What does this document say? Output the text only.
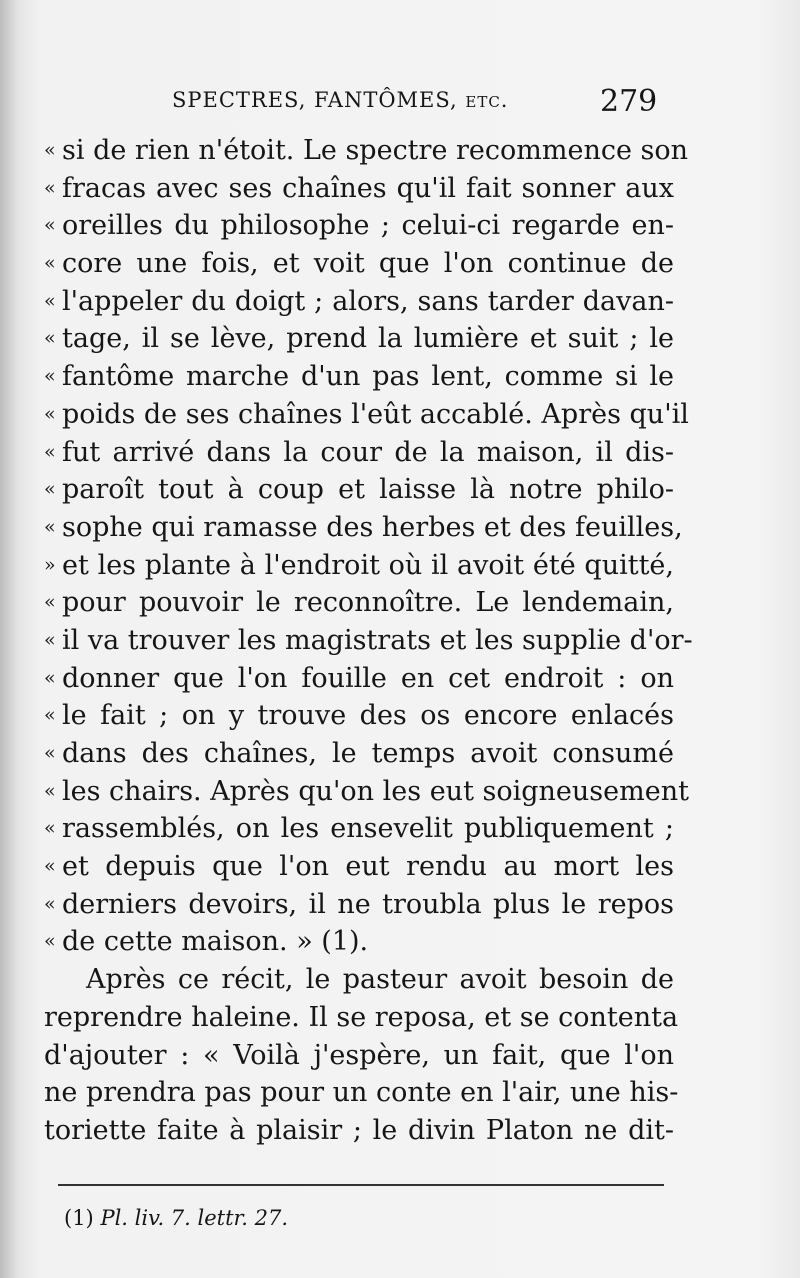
SPECTRES, FANTÔMES, etc.	279
« si de rien n'étoit. Le spectre recommence son
« fracas avec ses chaînes qu'il fait sonner aux
« oreilles du philosophe ; celui-ci regarde en-
« core une fois, et voit que l'on continue de
« l'appeler du doigt ; alors, sans tarder davan-
« tage, il se lève, prend la lumière et suit ; le
« fantôme marche d'un pas lent, comme si le
« poids de ses chaînes l'eût accablé. Après qu'il
« fut arrivé dans la cour de la maison, il dis-
« paroît tout à coup et laisse là notre philo-
« sophe qui ramasse des herbes et des feuilles,
» et les plante à l'endroit où il avoit été quitté,
« pour pouvoir le reconnoître. Le lendemain,
« il va trouver les magistrats et les supplie d'or-
« donner que l'on fouille en cet endroit : on
« le fait ; on y trouve des os encore enlacés
« dans des chaînes, le temps avoit consumé
« les chairs. Après qu'on les eut soigneusement
« rassemblés, on les ensevelit publiquement ;
« et depuis que l'on eut rendu au mort les
« derniers devoirs, il ne troubla plus le repos
« de cette maison. » (1).
Après ce récit, le pasteur avoit besoin de
reprendre haleine. Il se reposa, et se contenta
d'ajouter : « Voilà j'espère, un fait, que l'on
ne prendra pas pour un conte en l'air, une his-
toriette faite à plaisir ; le divin Platon ne dit-
(1) Pl. liv. 7. lettr. 27.
